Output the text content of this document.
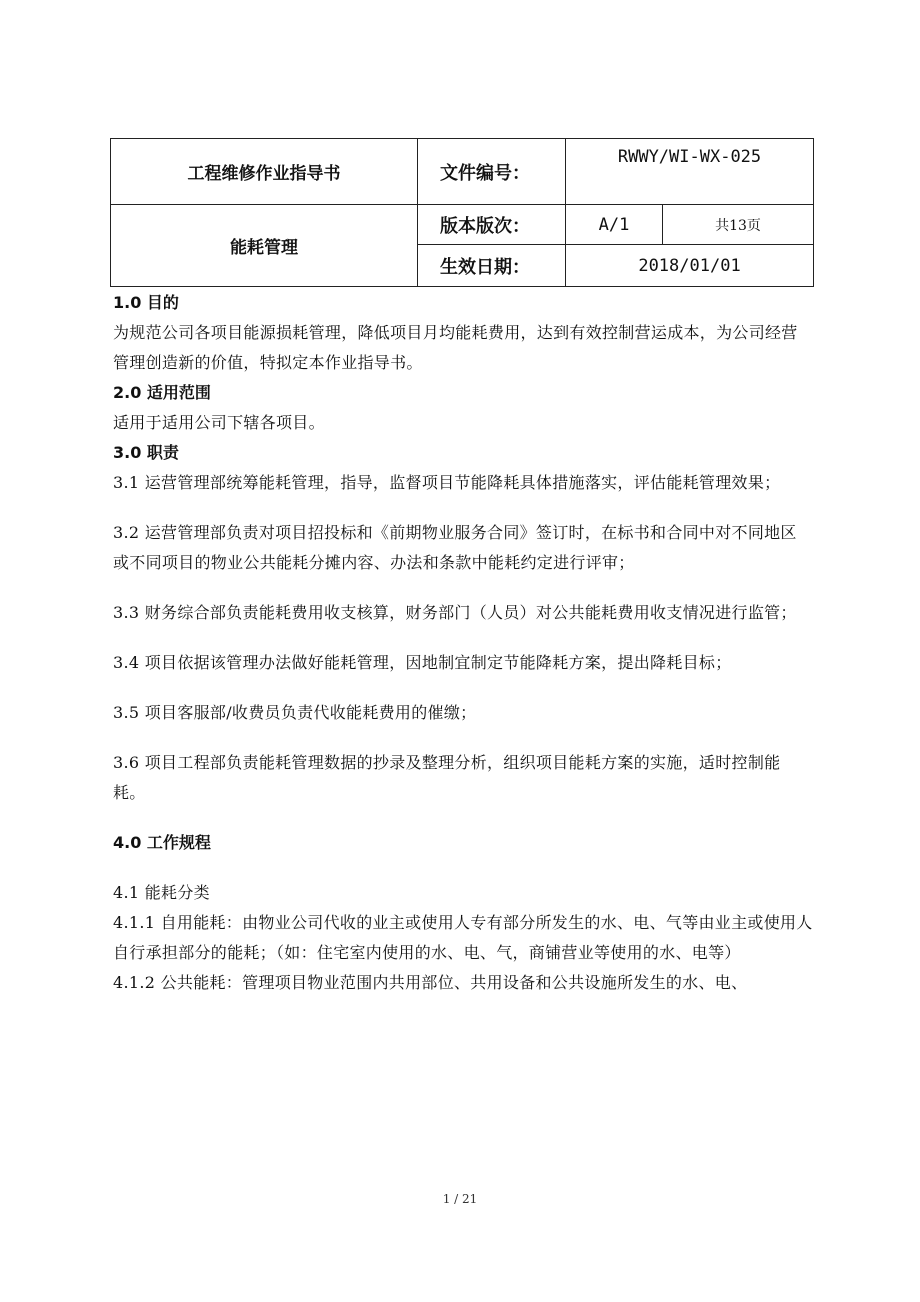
工程维修作业指导书	文件编号：	RWWY/WI-WX-025	
能耗管理	版本版次：	A/1	共13页
	生效日期：	2018/01/01	

1.0 目的

为规范公司各项目能源损耗管理，降低项目月均能耗费用，达到有效控制营运成本，为公司经营管理创造新的价值，特拟定本作业指导书。

2.0 适用范围

适用于适用公司下辖各项目。

3.0 职责

3.1 运营管理部统筹能耗管理，指导，监督项目节能降耗具体措施落实，评估能耗管理效果；

3.2 运营管理部负责对项目招投标和《前期物业服务合同》签订时，在标书和合同中对不同地区或不同项目的物业公共能耗分摊内容、办法和条款中能耗约定进行评审；

3.3 财务综合部负责能耗费用收支核算，财务部门（人员）对公共能耗费用收支情况进行监管；

3.4 项目依据该管理办法做好能耗管理，因地制宜制定节能降耗方案，提出降耗目标；

3.5 项目客服部/收费员负责代收能耗费用的催缴；

3.6 项目工程部负责能耗管理数据的抄录及整理分析，组织项目能耗方案的实施，适时控制能耗。

4.0 工作规程

4.1 能耗分类

4.1.1 自用能耗：由物业公司代收的业主或使用人专有部分所发生的水、电、气等由业主或使用人自行承担部分的能耗；（如：住宅室内使用的水、电、气，商铺营业等使用的水、电等）

4.1.2 公共能耗：管理项目物业范围内共用部位、共用设备和公共设施所发生的水、电、

1 / 21
